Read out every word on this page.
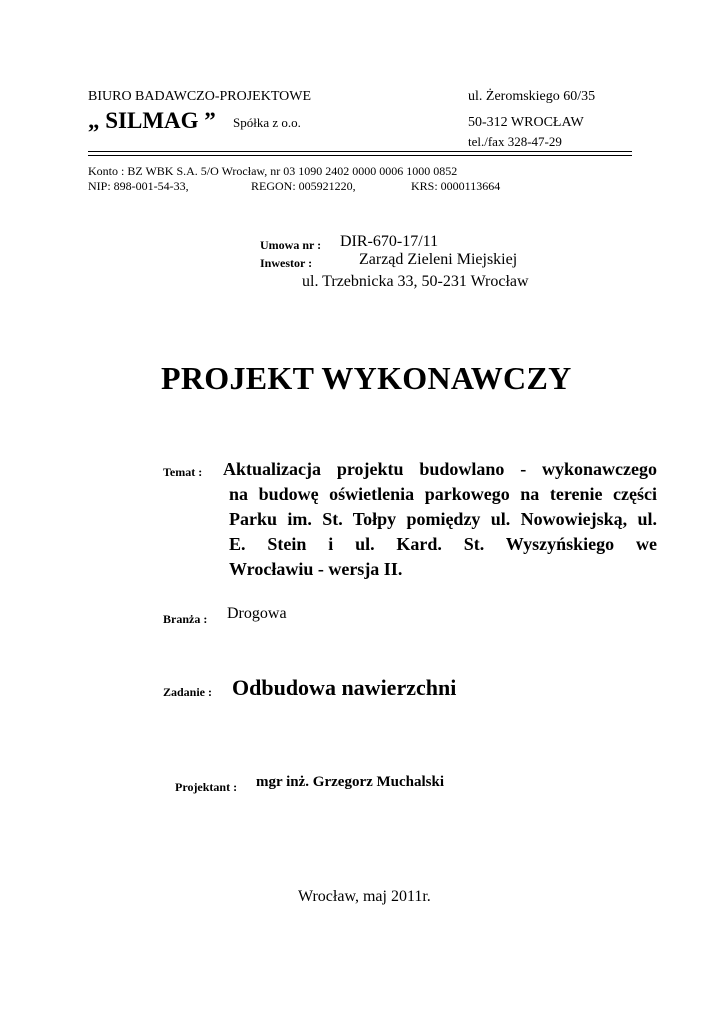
BIURO BADAWCZO-PROJEKTOWE	ul. Żeromskiego 60/35
„ SILMAG ” Spółka z o.o.	50-312 WROCŁAW
tel./fax 328-47-29
Konto : BZ WBK S.A. 5/O Wrocław, nr 03 1090 2402 0000 0006 1000 0852
NIP: 898-001-54-33,	REGON: 005921220,	KRS: 0000113664
Umowa nr : DIR-670-17/11
Inwestor :	Zarząd Zieleni Miejskiej
ul. Trzebnicka 33, 50-231 Wrocław
PROJEKT WYKONAWCZY
Temat : Aktualizacja projektu budowlano - wykonawczego
na budowę oświetlenia parkowego na terenie części
Parku im. St. Tołpy pomiędzy ul. Nowowiejską, ul.
E. Stein i ul. Kard. St. Wyszyńskiego we
Wrocławiu - wersja II.
Branża : Drogowa
Zadanie : Odbudowa nawierzchni
Projektant : mgr inż. Grzegorz Muchalski
Wrocław, maj 2011r.
